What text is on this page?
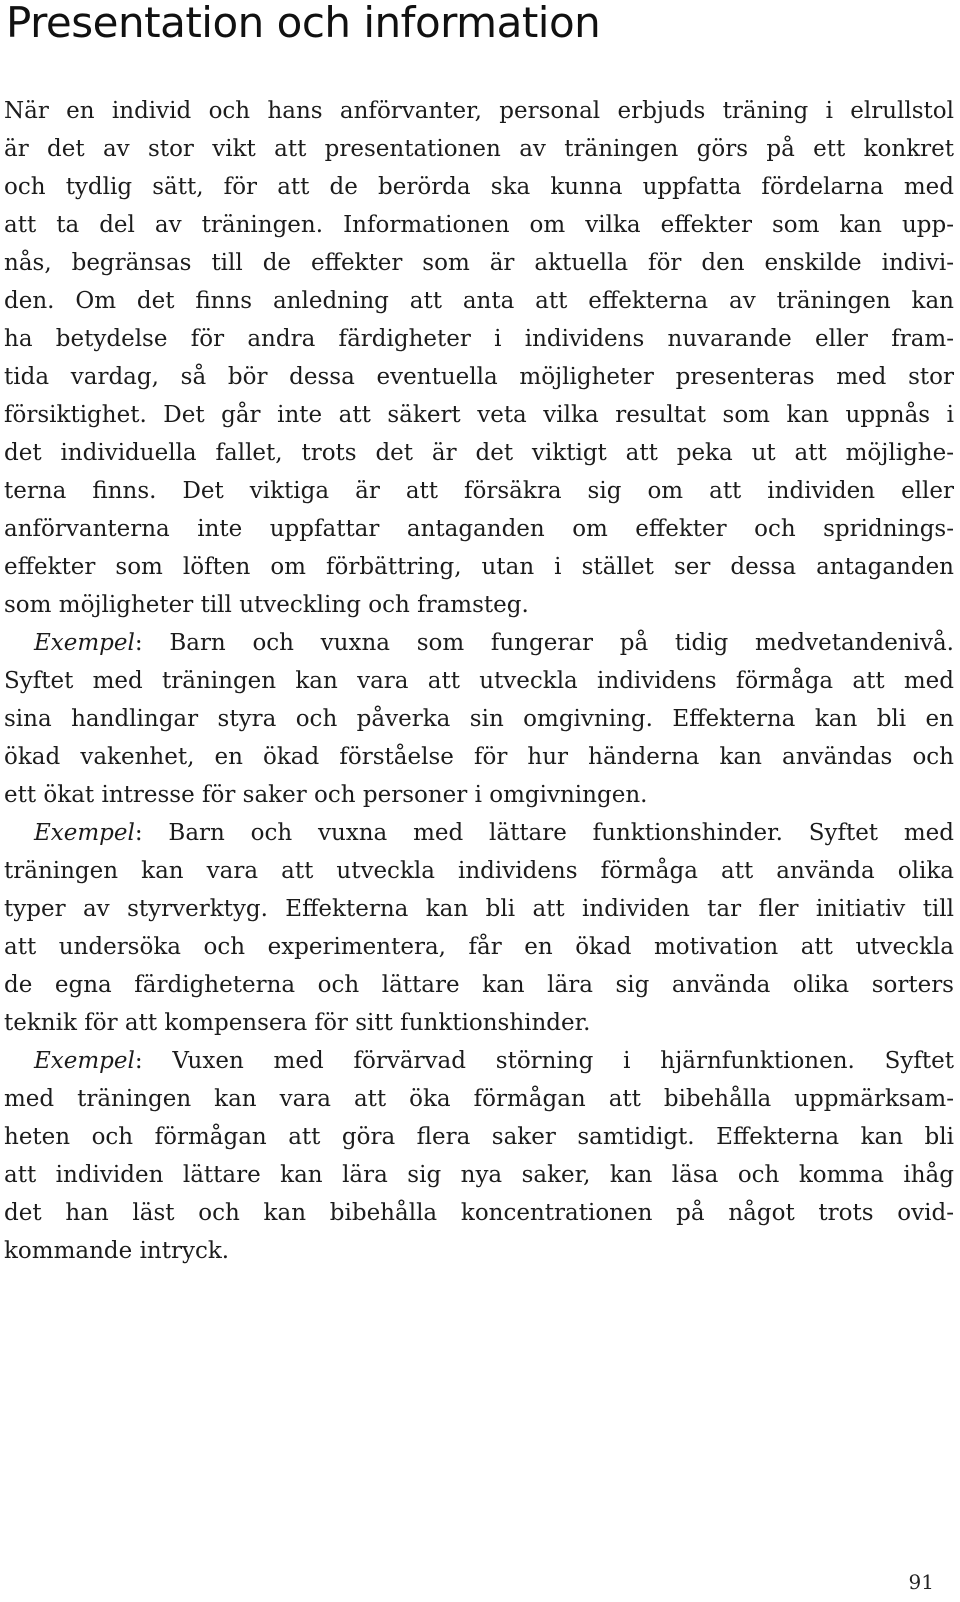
Presentation och information
När en individ och hans anförvanter, personal erbjuds träning i elrullstol
är det av stor vikt att presentationen av träningen görs på ett konkret
och tydlig sätt, för att de berörda ska kunna uppfatta fördelarna med
att ta del av träningen. Informationen om vilka effekter som kan upp-
nås, begränsas till de effekter som är aktuella för den enskilde indivi-
den. Om det finns anledning att anta att effekterna av träningen kan
ha betydelse för andra färdigheter i individens nuvarande eller fram-
tida vardag, så bör dessa eventuella möjligheter presenteras med stor
försiktighet. Det går inte att säkert veta vilka resultat som kan uppnås i
det individuella fallet, trots det är det viktigt att peka ut att möjlighe-
terna finns. Det viktiga är att försäkra sig om att individen eller
anförvanterna inte uppfattar antaganden om effekter och spridnings-
effekter som löften om förbättring, utan i stället ser dessa antaganden
som möjligheter till utveckling och framsteg.
Exempel: Barn och vuxna som fungerar på tidig medvetandenivå.
Syftet med träningen kan vara att utveckla individens förmåga att med
sina handlingar styra och påverka sin omgivning. Effekterna kan bli en
ökad vakenhet, en ökad förståelse för hur händerna kan användas och
ett ökat intresse för saker och personer i omgivningen.
Exempel: Barn och vuxna med lättare funktionshinder. Syftet med
träningen kan vara att utveckla individens förmåga att använda olika
typer av styrverktyg. Effekterna kan bli att individen tar fler initiativ till
att undersöka och experimentera, får en ökad motivation att utveckla
de egna färdigheterna och lättare kan lära sig använda olika sorters
teknik för att kompensera för sitt funktionshinder.
Exempel: Vuxen med förvärvad störning i hjärnfunktionen. Syftet
med träningen kan vara att öka förmågan att bibehålla uppmärksam-
heten och förmågan att göra flera saker samtidigt. Effekterna kan bli
att individen lättare kan lära sig nya saker, kan läsa och komma ihåg
det han läst och kan bibehålla koncentrationen på något trots ovid-
kommande intryck.
91
